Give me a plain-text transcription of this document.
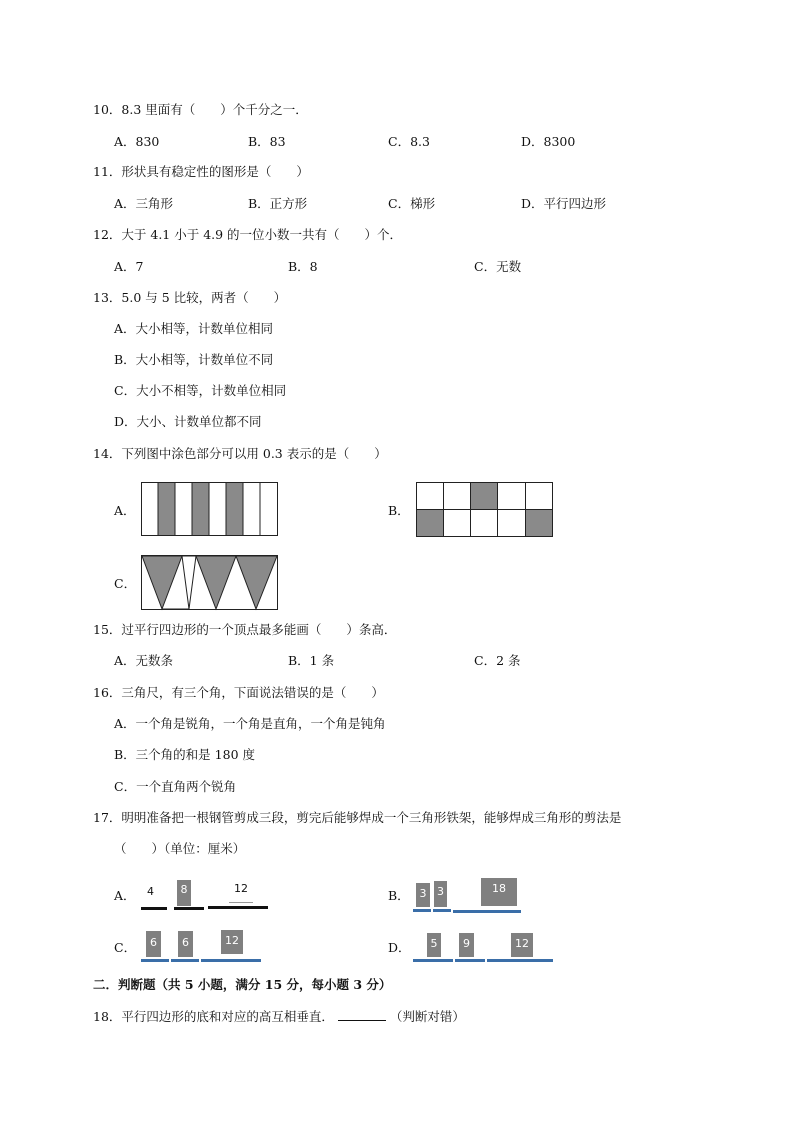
10．8.3 里面有（　　）个千分之一．
A．830	B．83	C．8.3	D．8300
11．形状具有稳定性的图形是（　　）
A．三角形	B．正方形	C．梯形	D．平行四边形
12．大于 4.1 小于 4.9 的一位小数一共有（　　）个．
A．7	B．8	C．无数
13．5.0 与 5 比较，两者（　　）
A．大小相等，计数单位相同
B．大小相等，计数单位不同
C．大小不相等，计数单位相同
D．大小、计数单位都不同
14．下列图中涂色部分可以用 0.3 表示的是（　　）
A．	B．
C．
15．过平行四边形的一个顶点最多能画（　　）条高．
A．无数条	B．1 条	C．2 条
16．三角尺，有三个角，下面说法错误的是（　　）
A．一个角是锐角，一个角是直角，一个角是钝角
B．三个角的和是 180 度
C．一个直角两个锐角
17．明明准备把一根钢管剪成三段，剪完后能够焊成一个三角形铁架，能够焊成三角形的剪法是
（　　）（单位：厘米）
A． 4	8	12	B． 3 3	18
C．	6	6	12	D．	5	9	12
二．判断题（共 5 小题，满分 15 分，每小题 3 分）
18．平行四边形的底和对应的高互相垂直．	（判断对错）
